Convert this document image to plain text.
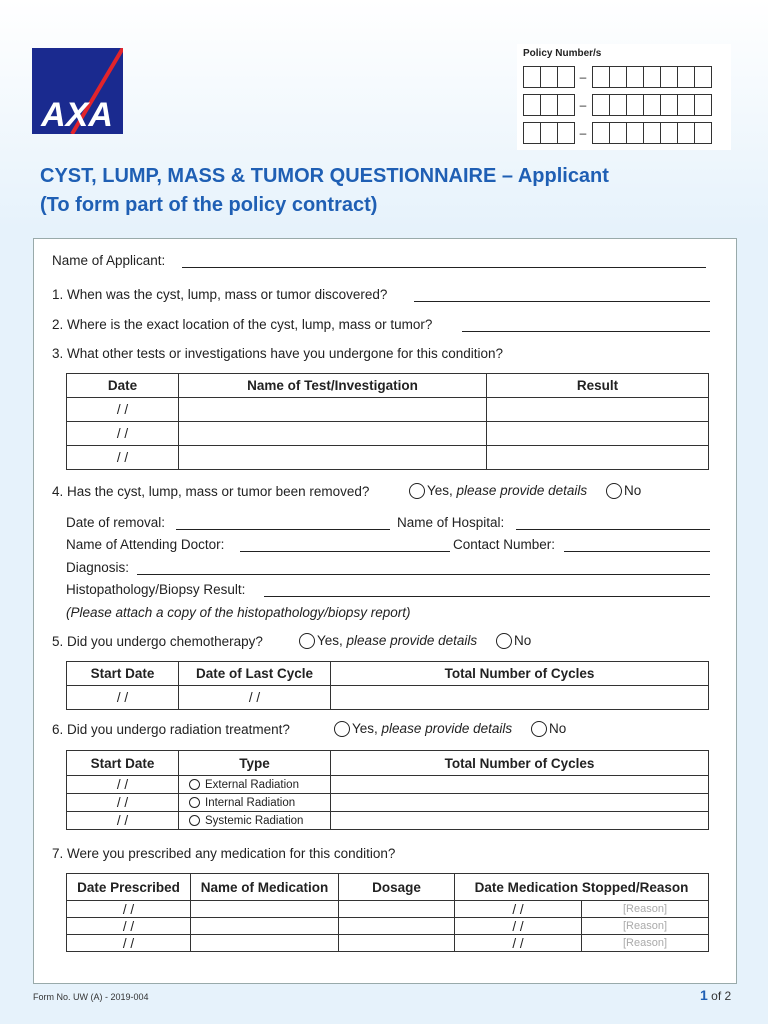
AXA
Policy Number/s
–
–
–
CYST, LUMP, MASS & TUMOR QUESTIONNAIRE – Applicant
(To form part of the policy contract)
Name of Applicant:
1. When was the cyst, lump, mass or tumor discovered?
2. Where is the exact location of the cyst, lump, mass or tumor?
3. What other tests or investigations have you undergone for this condition?
Date	Name of Test/Investigation	Result
/ /		
/ /		
/ /		
4. Has the cyst, lump, mass or tumor been removed?	Yes, please provide details	No
Date of removal:	Name of Hospital:
Name of Attending Doctor:	Contact Number:
Diagnosis:
Histopathology/Biopsy Result:
(Please attach a copy of the histopathology/biopsy report)
5. Did you undergo chemotherapy?	Yes, please provide details	No
Start Date	Date of Last Cycle	Total Number of Cycles
/ /	/ /	
6. Did you undergo radiation treatment?	Yes, please provide details	No
Start Date	Type	Total Number of Cycles
/ /	External Radiation	
/ /	Internal Radiation	
/ /	Systemic Radiation	
7. Were you prescribed any medication for this condition?
Date Prescribed	Name of Medication	Dosage	Date Medication Stopped/Reason	
/ /			/ /	[Reason]
/ /			/ /	[Reason]
/ /			/ /	[Reason]
Form No. UW (A) - 2019-004	1 of 2
